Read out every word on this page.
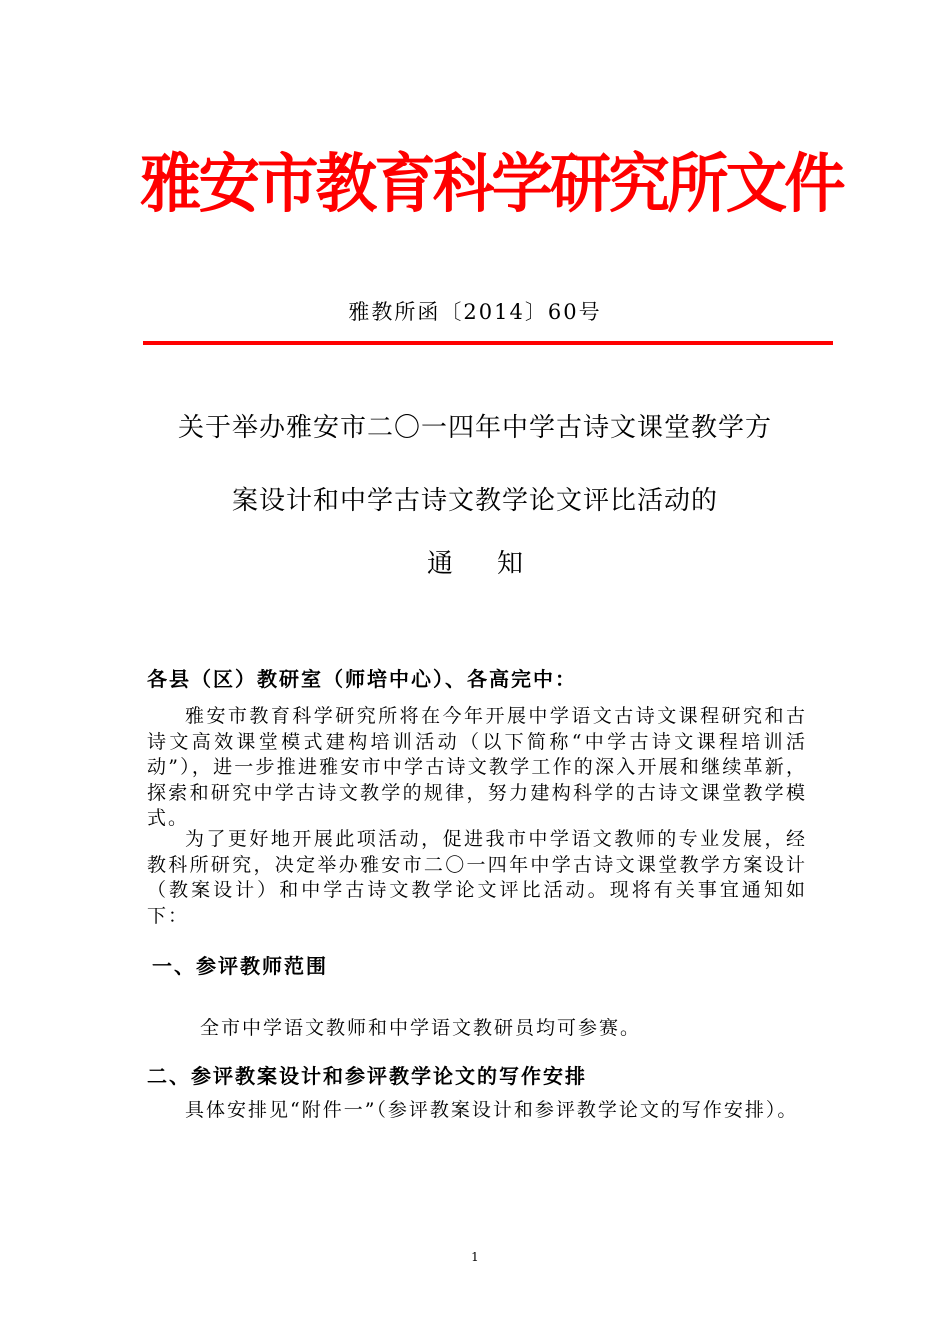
雅安市教育科学研究所文件
雅教所函〔2014〕60号
关于举办雅安市二〇一四年中学古诗文课堂教学方
案设计和中学古诗文教学论文评比活动的
通知
各县（区）教研室（师培中心）、各高完中：
雅安市教育科学研究所将在今年开展中学语文古诗文课程研究和古诗文高效课堂模式建构培训活动（以下简称“中学古诗文课程培训活动”），进一步推进雅安市中学古诗文教学工作的深入开展和继续革新，探索和研究中学古诗文教学的规律，努力建构科学的古诗文课堂教学模式。
为了更好地开展此项活动，促进我市中学语文教师的专业发展，经教科所研究，决定举办雅安市二〇一四年中学古诗文课堂教学方案设计（教案设计）和中学古诗文教学论文评比活动。现将有关事宜通知如下：
一、参评教师范围
全市中学语文教师和中学语文教研员均可参赛。
二、参评教案设计和参评教学论文的写作安排
具体安排见“附件一”（参评教案设计和参评教学论文的写作安排）。
1
